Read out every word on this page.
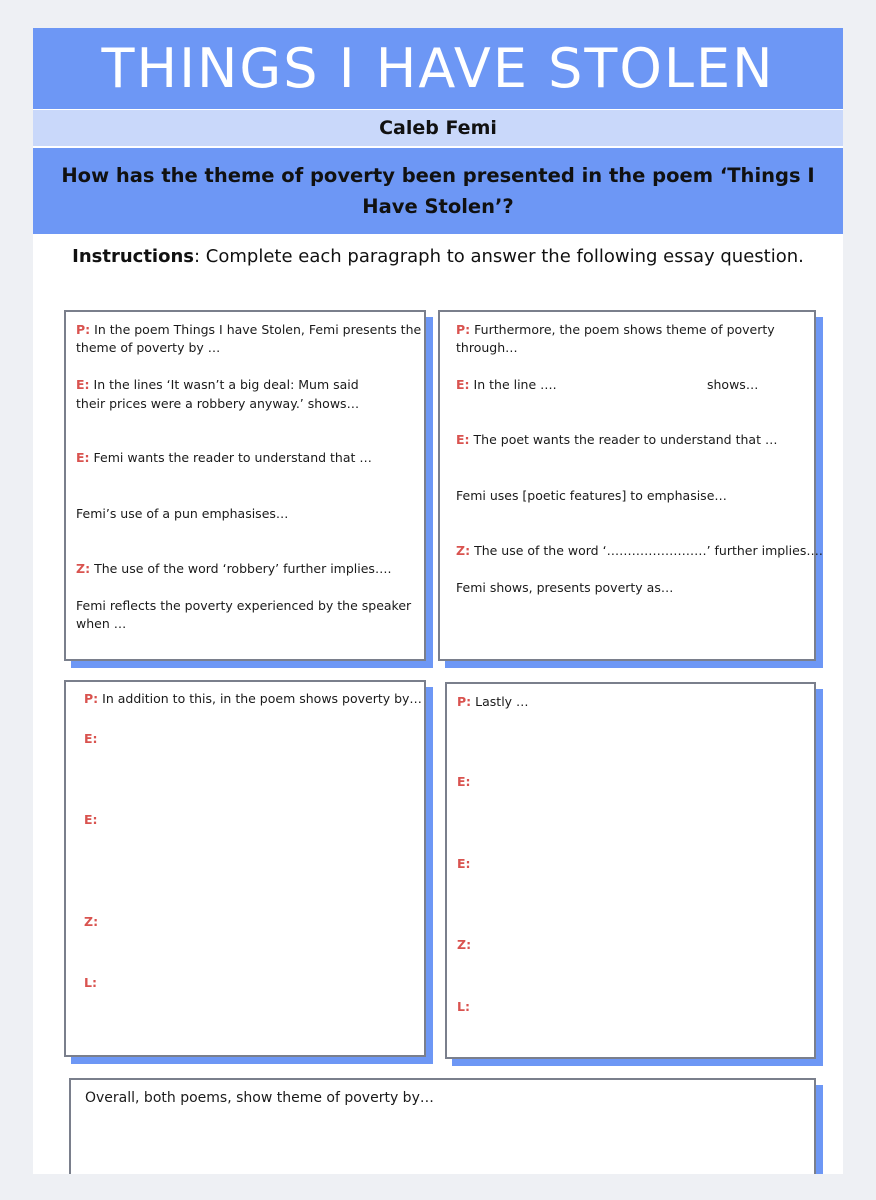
THINGS I HAVE STOLEN
Caleb Femi
How has the theme of poverty been presented in the poem ‘Things I Have Stolen’?
Instructions: Complete each paragraph to answer the following essay question.
P: In the poem Things I have Stolen, Femi presents the
theme of poverty by …
E: In the lines ‘It wasn’t a big deal: Mum said
their prices were a robbery anyway.’ shows…
E: Femi wants the reader to understand that …
Femi’s use of a pun emphasises…
Z: The use of the word ‘robbery’ further implies….
Femi reflects the poverty experienced by the speaker
when …
P: Furthermore, the poem shows theme of poverty
through…
E: In the line ….	shows…
E: The poet wants the reader to understand that …
Femi uses [poetic features] to emphasise…
Z: The use of the word ‘……………………’ further implies….
Femi shows, presents poverty as…
P: In addition to this, in the poem shows poverty by…
E:
E:
Z:
L:
P: Lastly …
E:
E:
Z:
L:
Overall, both poems, show theme of poverty by…
